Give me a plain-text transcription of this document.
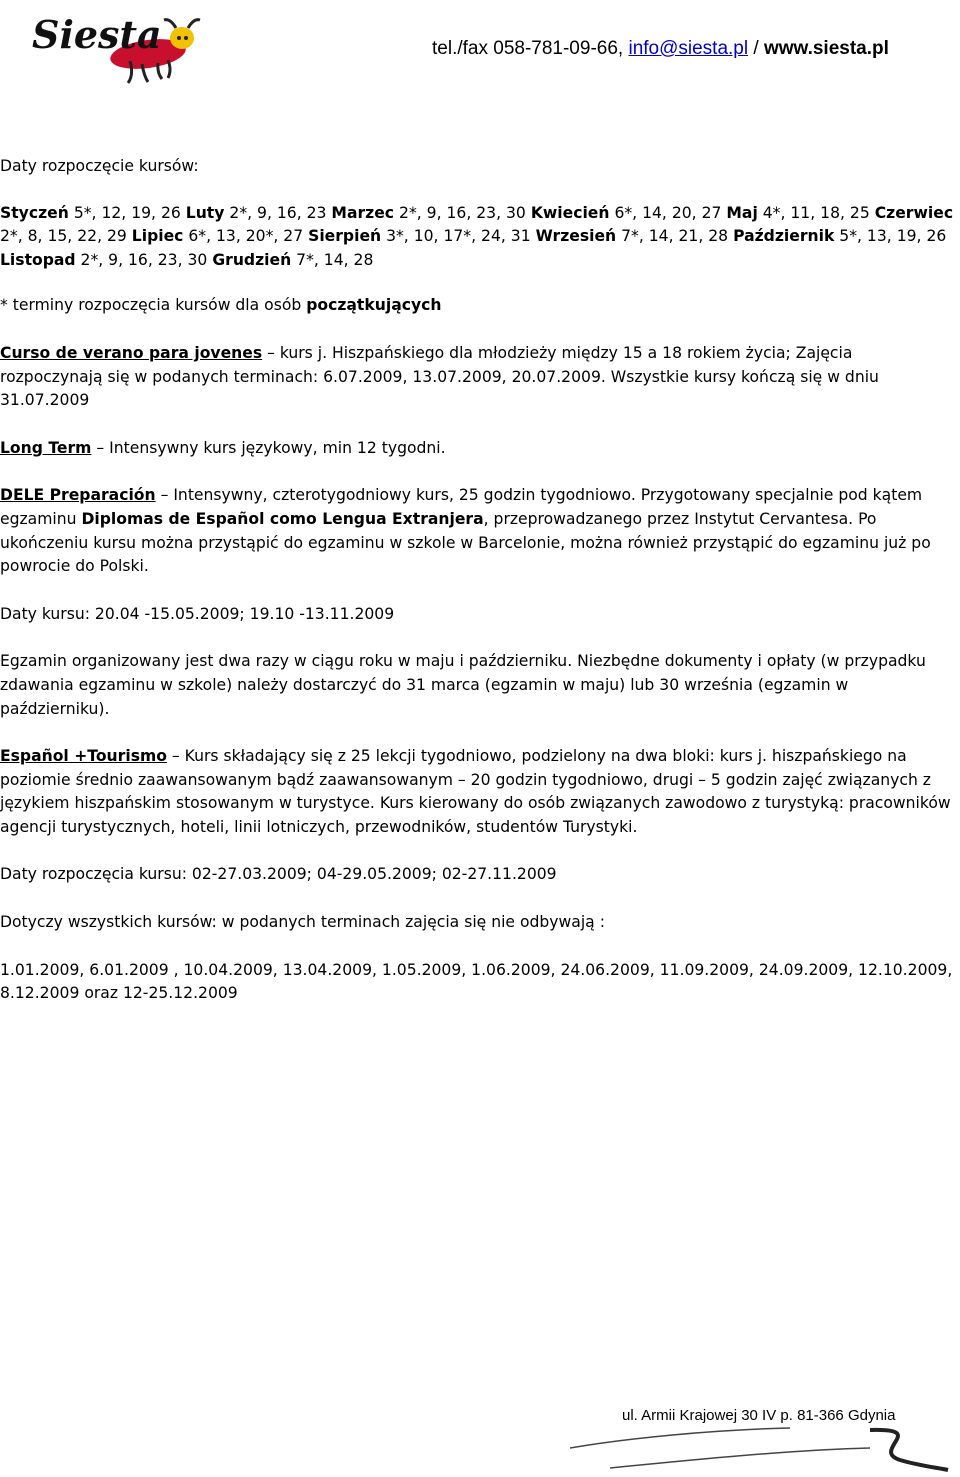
Siesta	tel./fax 058-781-09-66, info@siesta.pl / www.siesta.pl

Daty rozpoczęcie kursów:

Styczeń 5*, 12, 19, 26 Luty 2*, 9, 16, 23 Marzec 2*, 9, 16, 23, 30 Kwiecień 6*, 14, 20, 27 Maj 4*, 11, 18, 25 Czerwiec 2*, 8, 15, 22, 29 Lipiec 6*, 13, 20*, 27 Sierpień 3*, 10, 17*, 24, 31 Wrzesień 7*, 14, 21, 28 Październik 5*, 13, 19, 26 Listopad 2*, 9, 16, 23, 30 Grudzień 7*, 14, 28

* terminy rozpoczęcia kursów dla osób początkujących

Curso de verano para jovenes – kurs j. Hiszpańskiego dla młodzieży między 15 a 18 rokiem życia; Zajęcia rozpoczynają się w podanych terminach: 6.07.2009, 13.07.2009, 20.07.2009. Wszystkie kursy kończą się w dniu 31.07.2009

Long Term – Intensywny kurs językowy, min 12 tygodni.

DELE Preparación – Intensywny, czterotygodniowy kurs, 25 godzin tygodniowo. Przygotowany specjalnie pod kątem egzaminu Diplomas de Español como Lengua Extranjera, przeprowadzanego przez Instytut Cervantesa. Po ukończeniu kursu można przystąpić do egzaminu w szkole w Barcelonie, można również przystąpić do egzaminu już po powrocie do Polski.

Daty kursu: 20.04 -15.05.2009; 19.10 -13.11.2009

Egzamin organizowany jest dwa razy w ciągu roku w maju i październiku. Niezbędne dokumenty i opłaty (w przypadku zdawania egzaminu w szkole) należy dostarczyć do 31 marca (egzamin w maju) lub 30 września (egzamin w październiku).

Español +Tourismo – Kurs składający się z 25 lekcji tygodniowo, podzielony na dwa bloki: kurs j. hiszpańskiego na poziomie średnio zaawansowanym bądź zaawansowanym – 20 godzin tygodniowo, drugi – 5 godzin zajęć związanych z językiem hiszpańskim stosowanym w turystyce. Kurs kierowany do osób związanych zawodowo z turystyką: pracowników agencji turystycznych, hoteli, linii lotniczych, przewodników, studentów Turystyki.

Daty rozpoczęcia kursu: 02-27.03.2009; 04-29.05.2009; 02-27.11.2009

Dotyczy wszystkich kursów: w podanych terminach zajęcia się nie odbywają :

1.01.2009, 6.01.2009 , 10.04.2009, 13.04.2009, 1.05.2009, 1.06.2009, 24.06.2009, 11.09.2009, 24.09.2009, 12.10.2009, 8.12.2009 oraz 12-25.12.2009

ul. Armii Krajowej 30 IV p. 81-366 Gdynia
